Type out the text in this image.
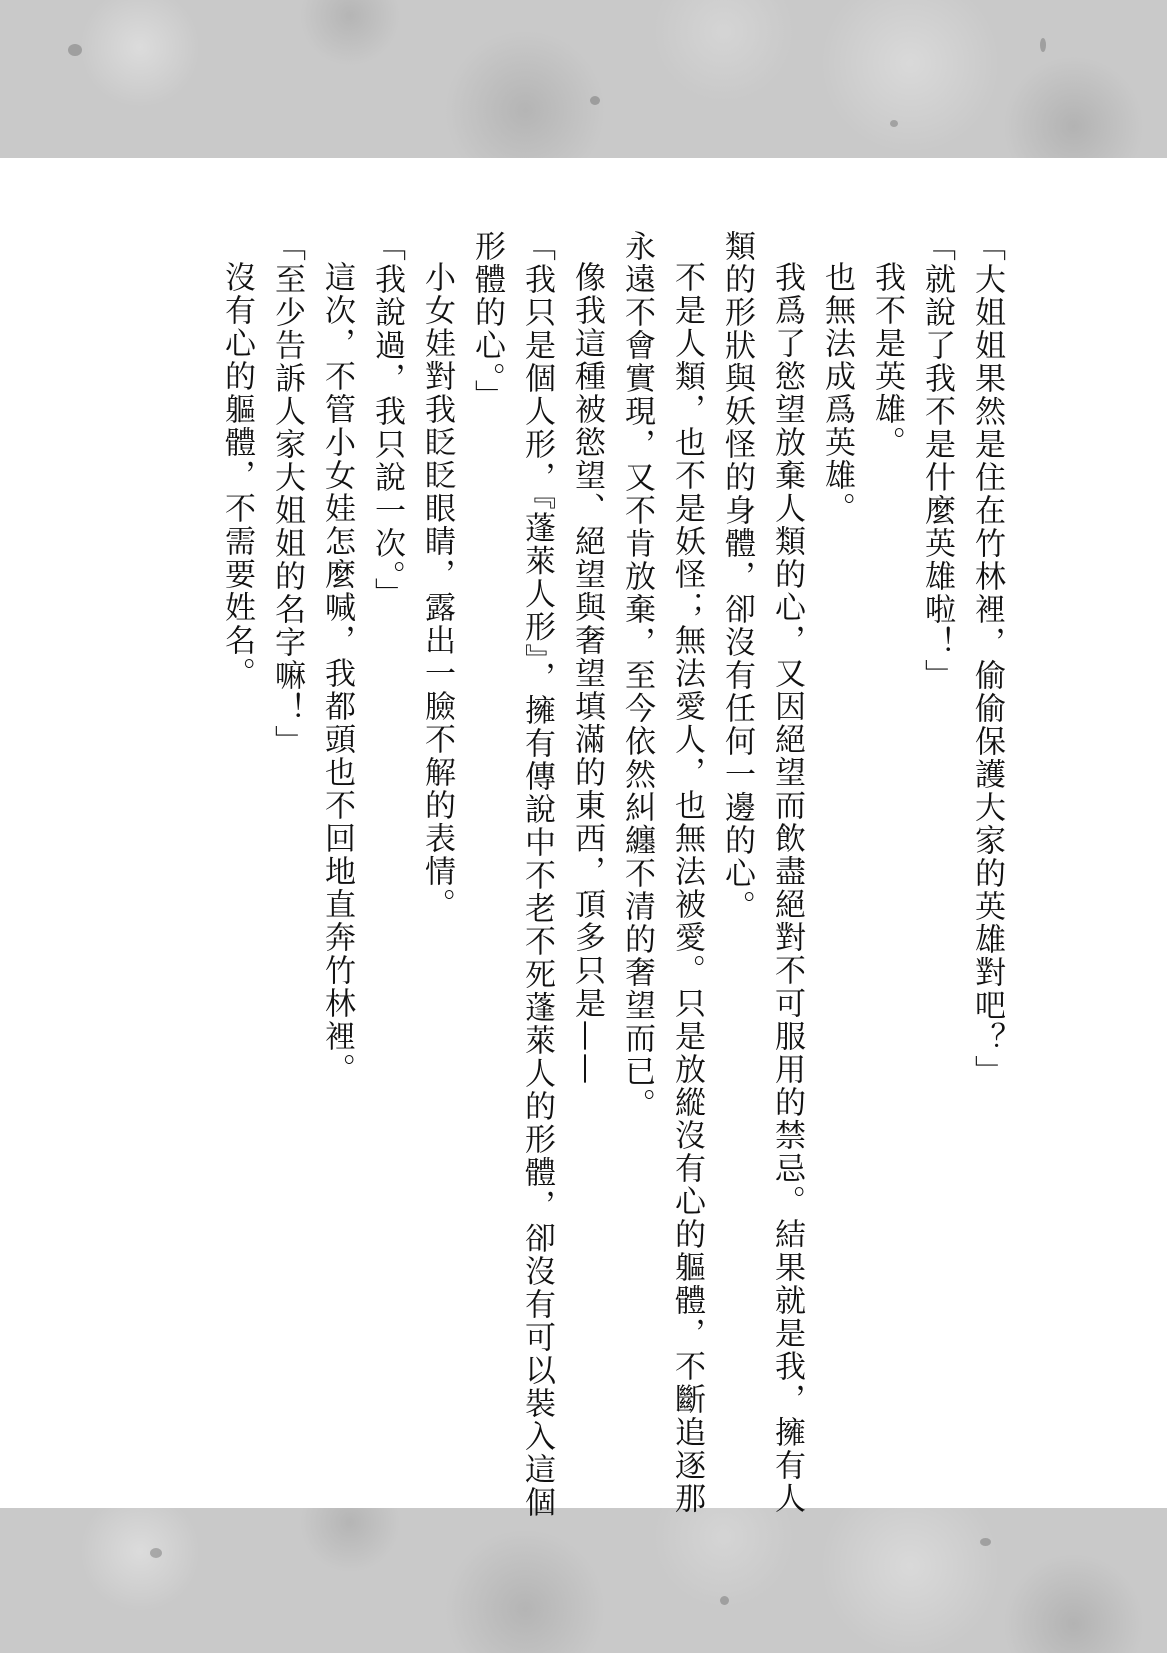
「大姐姐果然是住在竹林裡，偷偷保護大家的英雄對吧？」

「就說了我不是什麼英雄啦！」

我不是英雄。

也無法成爲英雄。

我爲了慾望放棄人類的心，又因絕望而飲盡絕對不可服用的禁忌。結果就是我，擁有人類的形狀與妖怪的身體，卻沒有任何一邊的心。

不是人類，也不是妖怪；無法愛人，也無法被愛。只是放縱沒有心的軀體，不斷追逐那永遠不會實現，又不肯放棄，至今依然糾纏不清的奢望而已。

像我這種被慾望、絕望與奢望填滿的東西，頂多只是——

「我只是個人形，『蓬萊人形』，擁有傳說中不老不死蓬萊人的形體，卻沒有可以裝入這個形體的心。」

小女娃對我眨眨眼睛，露出一臉不解的表情。

「我說過，我只說一次。」

這次，不管小女娃怎麼喊，我都頭也不回地直奔竹林裡。

「至少告訴人家大姐姐的名字嘛！」

沒有心的軀體，不需要姓名。
